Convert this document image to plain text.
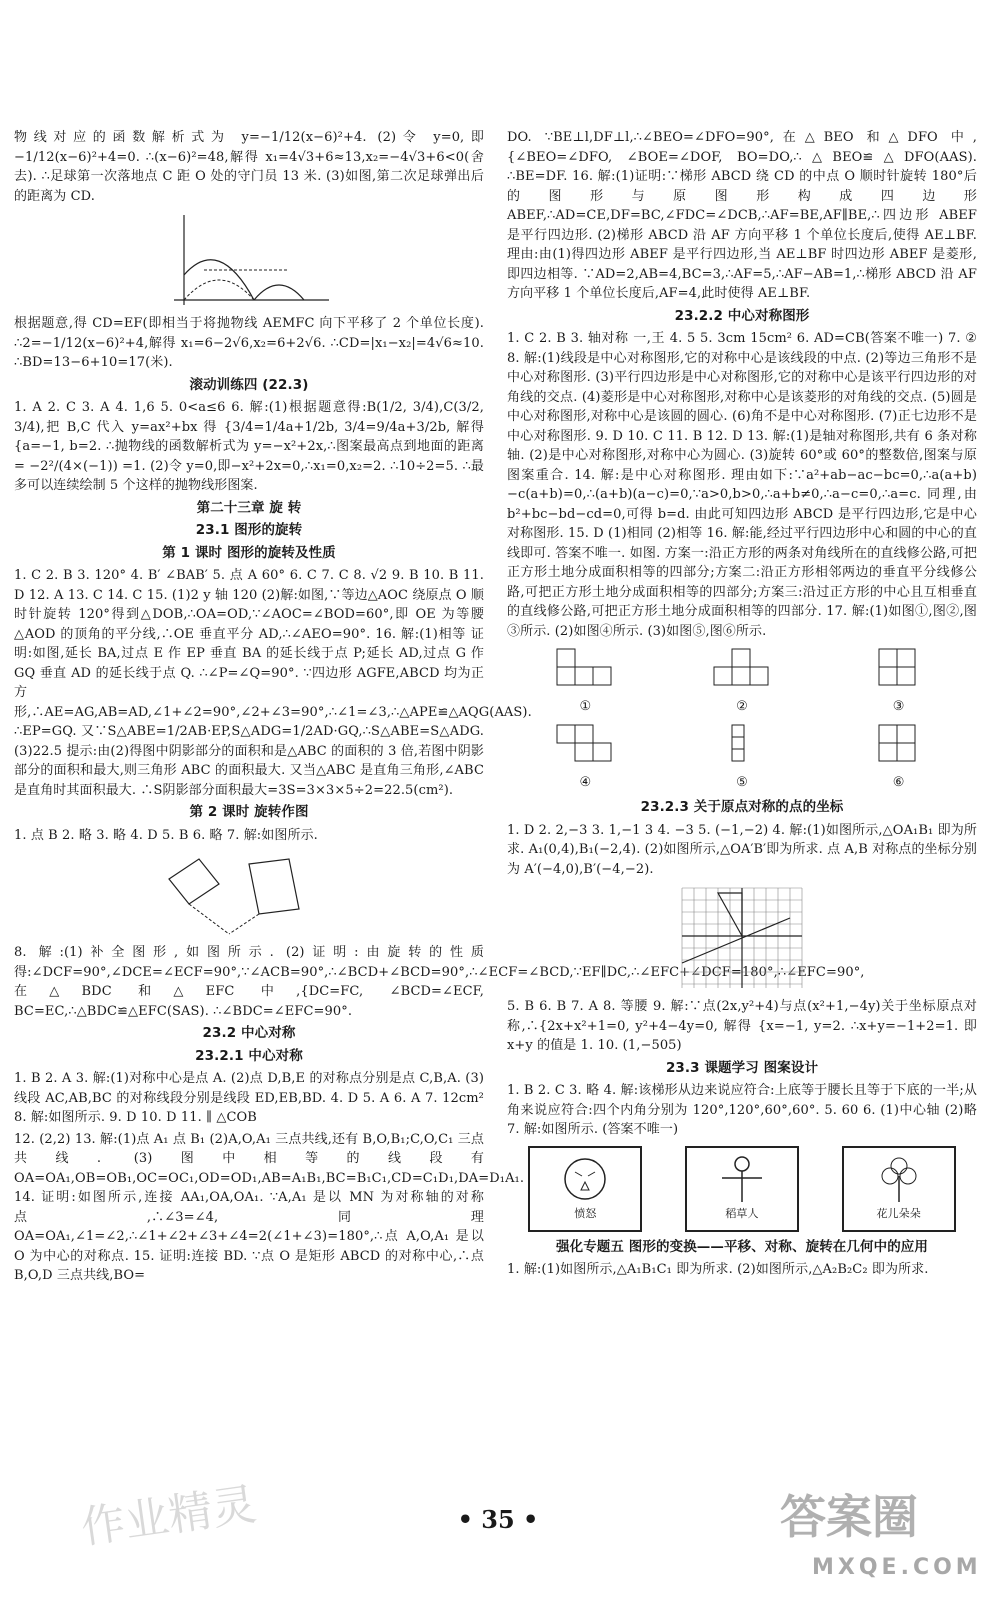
物线对应的函数解析式为 y=−1/12(x−6)²+4. (2)令 y=0,即−1/12(x−6)²+4=0. ∴(x−6)²=48,解得 x₁=4√3+6≈13,x₂=−4√3+6<0(舍去). ∴足球第一次落地点 C 距 O 处的守门员 13 米. (3)如图,第二次足球弹出后的距离为 CD.

根据题意,得 CD=EF(即相当于将抛物线 AEMFC 向下平移了 2 个单位长度). ∴2=−1/12(x−6)²+4,解得 x₁=6−2√6,x₂=6+2√6. ∴CD=|x₁−x₂|=4√6≈10. ∴BD=13−6+10=17(米).

滚动训练四 (22.3)

1. A 2. C 3. A 4. 1,6 5. 0<a≤6 6. 解:(1)根据题意得:B(1/2, 3/4),C(3/2, 3/4),把 B,C 代入 y=ax²+bx 得 {3/4=1/4a+1/2b, 3/4=9/4a+3/2b, 解得 {a=−1, b=2. ∴抛物线的函数解析式为 y=−x²+2x,∴图案最高点到地面的距离= −2²/(4×(−1)) =1. (2)令 y=0,即−x²+2x=0,∴x₁=0,x₂=2. ∴10÷2=5. ∴最多可以连续绘制 5 个这样的抛物线形图案.

第二十三章 旋 转
23.1 图形的旋转
第 1 课时 图形的旋转及性质

1. C 2. B 3. 120° 4. B′ ∠BAB′ 5. 点 A 60° 6. C 7. C 8. √2 9. B 10. B 11. D 12. A 13. C 14. C 15. (1)2 y 轴 120 (2)解:如图,∵等边△AOC 绕原点 O 顺时针旋转 120°得到△DOB,∴OA=OD,∵∠AOC=∠BOD=60°,即 OE 为等腰△AOD 的顶角的平分线,∴OE 垂直平分 AD,∴∠AEO=90°. 16. 解:(1)相等 证明:如图,延长 BA,过点 E 作 EP 垂直 BA 的延长线于点 P;延长 AD,过点 G 作 GQ 垂直 AD 的延长线于点 Q. ∴∠P=∠Q=90°. ∵四边形 AGFE,ABCD 均为正方形,∴AE=AG,AB=AD,∠1+∠2=90°,∠2+∠3=90°,∴∠1=∠3,∴△APE≌△AQG(AAS). ∴EP=GQ. 又∵S△ABE=1/2AB·EP,S△ADG=1/2AD·GQ,∴S△ABE=S△ADG. (3)22.5 提示:由(2)得图中阴影部分的面积和是△ABC 的面积的 3 倍,若图中阴影部分的面积和最大,则三角形 ABC 的面积最大. 又当△ABC 是直角三角形,∠ABC 是直角时其面积最大. ∴S阴影部分面积最大=3S=3×3×5÷2=22.5(cm²).

第 2 课时 旋转作图

1. 点 B 2. 略 3. 略 4. D 5. B 6. 略 7. 解:如图所示.

8. 解:(1)补全图形,如图所示. (2)证明:由旋转的性质得:∠DCF=90°,∠DCE=∠ECF=90°,∵∠ACB=90°,∴∠BCD+∠BCD=90°,∴∠ECF=∠BCD,∵EF∥DC,∴∠EFC+∠DCF=180°,∴∠EFC=90°,在△BDC 和△EFC 中,{DC=FC, ∠BCD=∠ECF, BC=EC,∴△BDC≌△EFC(SAS). ∴∠BDC=∠EFC=90°.

23.2 中心对称
23.2.1 中心对称

1. B 2. A 3. 解:(1)对称中心是点 A. (2)点 D,B,E 的对称点分别是点 C,B,A. (3)线段 AC,AB,BC 的对称线段分别是线段 ED,EB,BD. 4. D 5. A 6. A 7. 12cm² 8. 解:如图所示. 9. D 10. D 11. ∥ △COB

12. (2,2) 13. 解:(1)点 A₁ 点 B₁ (2)A,O,A₁ 三点共线,还有 B,O,B₁;C,O,C₁ 三点共线. (3)图中相等的线段有 OA=OA₁,OB=OB₁,OC=OC₁,OD=OD₁,AB=A₁B₁,BC=B₁C₁,CD=C₁D₁,DA=D₁A₁. 14. 证明:如图所示,连接 AA₁,OA,OA₁. ∵A,A₁ 是以 MN 为对称轴的对称点,∴∠3=∠4,同理 OA=OA₁,∠1=∠2,∴∠1+∠2+∠3+∠4=2(∠1+∠3)=180°,∴点 A,O,A₁ 是以 O 为中心的对称点. 15. 证明:连接 BD. ∵点 O 是矩形 ABCD 的对称中心,∴点 B,O,D 三点共线,BO=

DO. ∵BE⊥l,DF⊥l,∴∠BEO=∠DFO=90°,在△BEO 和△DFO 中,{∠BEO=∠DFO, ∠BOE=∠DOF, BO=DO,∴△BEO≌△DFO(AAS). ∴BE=DF. 16. 解:(1)证明:∵梯形 ABCD 绕 CD 的中点 O 顺时针旋转 180°后的图形与原图形构成四边形 ABEF,∴AD=CE,DF=BC,∠FDC=∠DCB,∴AF=BE,AF∥BE,∴四边形 ABEF 是平行四边形. (2)梯形 ABCD 沿 AF 方向平移 1 个单位长度后,使得 AE⊥BF. 理由:由(1)得四边形 ABEF 是平行四边形,当 AE⊥BF 时四边形 ABEF 是菱形,即四边相等. ∵AD=2,AB=4,BC=3,∴AF=5,∴AF−AB=1,∴梯形 ABCD 沿 AF 方向平移 1 个单位长度后,AF=4,此时使得 AE⊥BF.

23.2.2 中心对称图形

1. C 2. B 3. 轴对称 一,王 4. 5 5. 3cm 15cm² 6. AD=CB(答案不唯一) 7. ② 8. 解:(1)线段是中心对称图形,它的对称中心是该线段的中点. (2)等边三角形不是中心对称图形. (3)平行四边形是中心对称图形,它的对称中心是该平行四边形的对角线的交点. (4)菱形是中心对称图形,对称中心是该菱形的对角线的交点. (5)圆是中心对称图形,对称中心是该圆的圆心. (6)角不是中心对称图形. (7)正七边形不是中心对称图形. 9. D 10. C 11. B 12. D 13. 解:(1)是轴对称图形,共有 6 条对称轴. (2)是中心对称图形,对称中心为圆心. (3)旋转 60°或 60°的整数倍,图案与原图案重合. 14. 解:是中心对称图形. 理由如下:∵a²+ab−ac−bc=0,∴a(a+b)−c(a+b)=0,∴(a+b)(a−c)=0,∵a>0,b>0,∴a+b≠0,∴a−c=0,∴a=c. 同理,由 b²+bc−bd−cd=0,可得 b=d. 由此可知四边形 ABCD 是平行四边形,它是中心对称图形. 15. D (1)相同 (2)相等 16. 解:能,经过平行四边形中心和圆的中心的直线即可. 答案不唯一. 如图. 方案一:沿正方形的两条对角线所在的直线修公路,可把正方形土地分成面积相等的四部分;方案二:沿正方形相邻两边的垂直平分线修公路,可把正方形土地分成面积相等的四部分;方案三:沿过正方形的中心且互相垂直的直线修公路,可把正方形土地分成面积相等的四部分. 17. 解:(1)如图①,图②,图③所示. (2)如图④所示. (3)如图⑤,图⑥所示.

①	②	③
④	⑤	⑥
23.2.3 关于原点对称的点的坐标

1. D 2. 2,−3 3. 1,−1 3 4. −3 5. (−1,−2) 4. 解:(1)如图所示,△OA₁B₁ 即为所求. A₁(0,4),B₁(−2,4). (2)如图所示,△OA′B′即为所求. 点 A,B 对称点的坐标分别为 A′(−4,0),B′(−4,−2).

5. B 6. B 7. A 8. 等腰 9. 解:∵点(2x,y²+4)与点(x²+1,−4y)关于坐标原点对称,∴{2x+x²+1=0, y²+4−4y=0, 解得 {x=−1, y=2. ∴x+y=−1+2=1. 即 x+y 的值是 1. 10. (1,−505)

23.3 课题学习 图案设计

1. B 2. C 3. 略 4. 解:该梯形从边来说应符合:上底等于腰长且等于下底的一半;从角来说应符合:四个内角分别为 120°,120°,60°,60°. 5. 60 6. (1)中心轴 (2)略 7. 解:如图所示. (答案不唯一)

愤怒	稻草人	花儿朵朵
强化专题五 图形的变换——平移、对称、旋转在几何中的应用

1. 解:(1)如图所示,△A₁B₁C₁ 即为所求. (2)如图所示,△A₂B₂C₂ 即为所求.

• 35 •
作业精灵	答案圈
MXQE.COM
